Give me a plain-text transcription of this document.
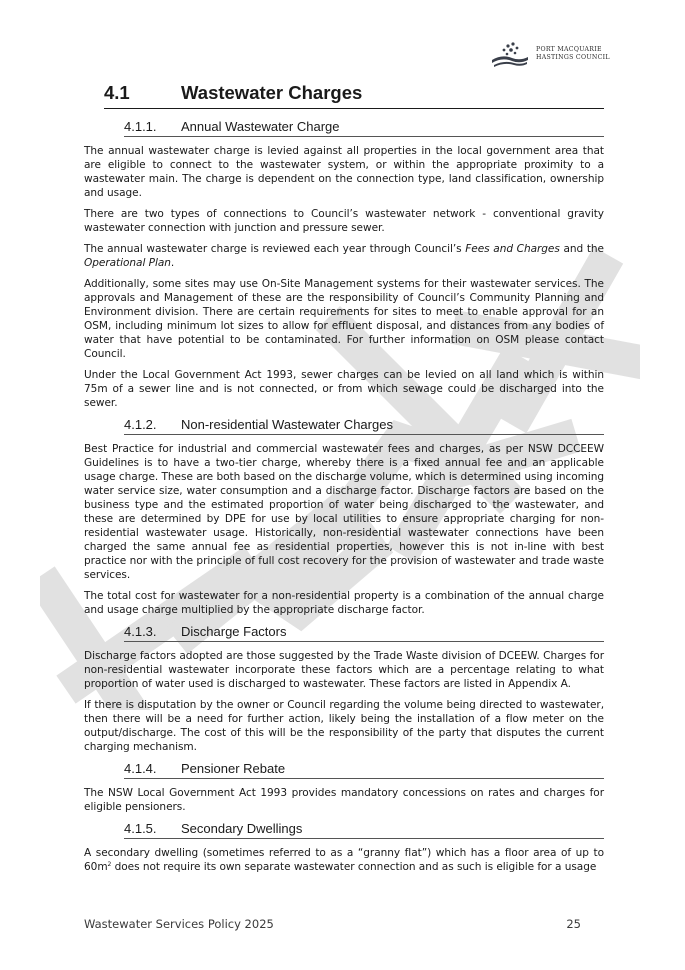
PORT MACQUARIE
HASTINGS COUNCIL
4.1	Wastewater Charges
4.1.1.	Annual Wastewater Charge

The annual wastewater charge is levied against all properties in the local government area that are eligible to connect to the wastewater system, or within the appropriate proximity to a wastewater main. The charge is dependent on the connection type, land classification, ownership and usage.

There are two types of connections to Council’s wastewater network - conventional gravity wastewater connection with junction and pressure sewer.

The annual wastewater charge is reviewed each year through Council’s Fees and Charges and the Operational Plan.

Additionally, some sites may use On-Site Management systems for their wastewater services. The approvals and Management of these are the responsibility of Council’s Community Planning and Environment division. There are certain requirements for sites to meet to enable approval for an OSM, including minimum lot sizes to allow for effluent disposal, and distances from any bodies of water that have potential to be contaminated. For further information on OSM please contact Council.

Under the Local Government Act 1993, sewer charges can be levied on all land which is within 75m of a sewer line and is not connected, or from which sewage could be discharged into the sewer.

4.1.2.	Non-residential Wastewater Charges

Best Practice for industrial and commercial wastewater fees and charges, as per NSW DCCEEW Guidelines is to have a two-tier charge, whereby there is a fixed annual fee and an applicable usage charge. These are both based on the discharge volume, which is determined using incoming water service size, water consumption and a discharge factor. Discharge factors are based on the business type and the estimated proportion of water being discharged to the wastewater, and these are determined by DPE for use by local utilities to ensure appropriate charging for non-residential wastewater usage. Historically, non-residential wastewater connections have been charged the same annual fee as residential properties, however this is not in-line with best practice nor with the principle of full cost recovery for the provision of wastewater and trade waste services.

The total cost for wastewater for a non-residential property is a combination of the annual charge and usage charge multiplied by the appropriate discharge factor.

4.1.3.	Discharge Factors

Discharge factors adopted are those suggested by the Trade Waste division of DCEEW. Charges for non-residential wastewater incorporate these factors which are a percentage relating to what proportion of water used is discharged to wastewater. These factors are listed in Appendix A.

If there is disputation by the owner or Council regarding the volume being directed to wastewater, then there will be a need for further action, likely being the installation of a flow meter on the output/discharge. The cost of this will be the responsibility of the party that disputes the current charging mechanism.

4.1.4.	Pensioner Rebate

The NSW Local Government Act 1993 provides mandatory concessions on rates and charges for eligible pensioners.

4.1.5.	Secondary Dwellings

A secondary dwelling (sometimes referred to as a “granny flat”) which has a floor area of up to $60m^2$ does not require its own separate wastewater connection and as such is eligible for a usage

Wastewater Services Policy 2025	25
